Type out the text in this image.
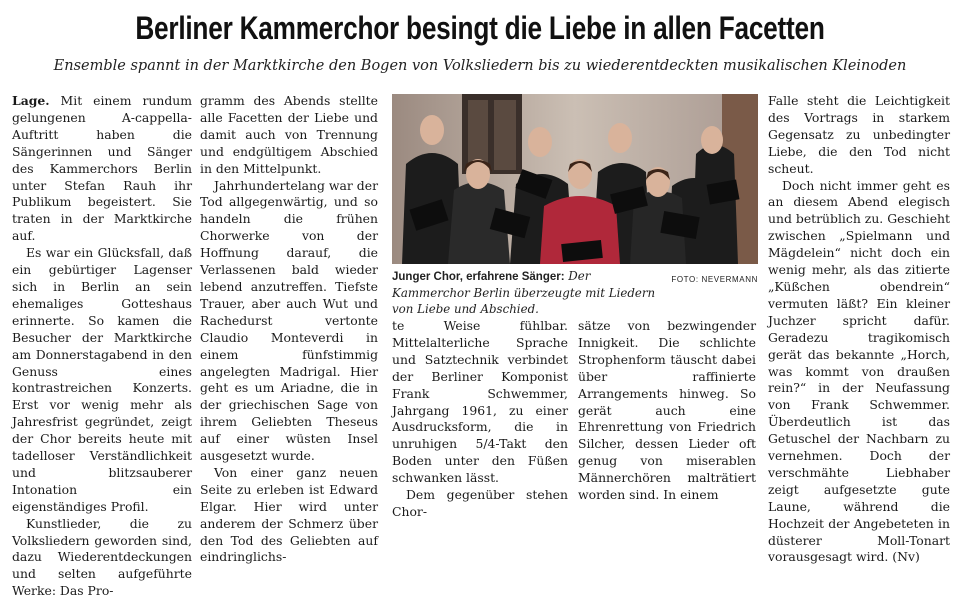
Berliner Kammerchor besingt die Liebe in allen Facetten
Ensemble spannt in der Marktkirche den Bogen von Volksliedern bis zu wiederentdeckten musikalischen Kleinoden

Lage. Mit einem rundum gelungenen A-cappella-Auftritt haben die Sängerinnen und Sänger des Kammerchors Berlin unter Stefan Rauh ihr Publikum begeistert. Sie traten in der Marktkirche auf.

Es war ein Glücksfall, daß ein gebürtiger Lagenser sich in Berlin an sein ehemaliges Gotteshaus erinnerte. So kamen die Besucher der Marktkirche am Donnerstagabend in den Genuss eines kontrastreichen Konzerts. Erst vor wenig mehr als Jahresfrist gegründet, zeigt der Chor bereits heute mit tadelloser Verständlichkeit und blitzsauberer Intonation ein eigenständiges Profil.

Kunstlieder, die zu Volksliedern geworden sind, dazu Wiederentdeckungen und selten aufgeführte Werke: Das Pro-

gramm des Abends stellte alle Facetten der Liebe und damit auch von Trennung und endgültigem Abschied in den Mittelpunkt.

Jahrhundertelang war der Tod allgegenwärtig, und so handeln die frühen Chorwerke von der Hoffnung darauf, die Verlassenen bald wieder lebend anzutreffen. Tiefste Trauer, aber auch Wut und Rachedurst vertonte Claudio Monteverdi in einem fünfstimmig angelegten Madrigal. Hier geht es um Ariadne, die in der griechischen Sage von ihrem Geliebten Theseus auf einer wüsten Insel ausgesetzt wurde.

Von einer ganz neuen Seite zu erleben ist Edward Elgar. Hier wird unter anderem der Schmerz über den Tod des Geliebten auf eindringlichs-

FOTO: NEVERMANN
Junger Chor, erfahrene Sänger: Der Kammerchor Berlin überzeugte mit Liedern von Liebe und Abschied.

te Weise fühlbar. Mittelalterliche Sprache und Satztechnik verbindet der Berliner Komponist Frank Schwemmer, Jahrgang 1961, zu einer Ausdrucksform, die in unruhigen 5/4-Takt den Boden unter den Füßen schwanken lässt.

Dem gegenüber stehen Chor-

sätze von bezwingender Innigkeit. Die schlichte Strophenform täuscht dabei über raffinierte Arrangements hinweg. So gerät auch eine Ehrenrettung von Friedrich Silcher, dessen Lieder oft genug von miserablen Männerchören malträtiert worden sind. In einem

Falle steht die Leichtigkeit des Vortrags in starkem Gegensatz zu unbedingter Liebe, die den Tod nicht scheut.

Doch nicht immer geht es an diesem Abend elegisch und betrüblich zu. Geschieht zwischen „Spielmann und Mägdelein“ nicht doch ein wenig mehr, als das zitierte „Küßchen obendrein“ vermuten läßt? Ein kleiner Juchzer spricht dafür. Geradezu tragikomisch gerät das bekannte „Horch, was kommt von draußen rein?“ in der Neufassung von Frank Schwemmer. Überdeutlich ist das Getuschel der Nachbarn zu vernehmen. Doch der verschmähte Liebhaber zeigt aufgesetzte gute Laune, während die Hochzeit der Angebeteten in düsterer Moll-Tonart vorausgesagt wird. (Nv)
